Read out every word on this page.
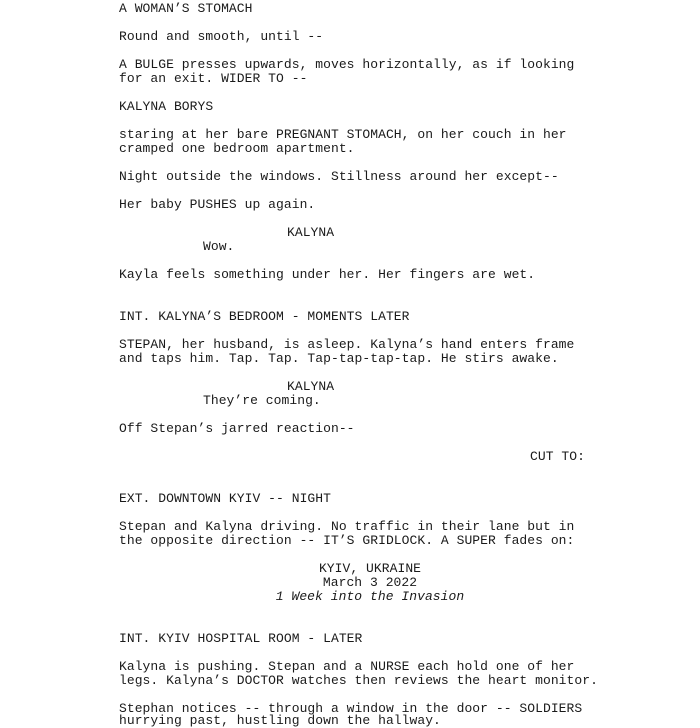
A WOMAN’S STOMACH

Round and smooth, until --

A BULGE presses upwards, moves horizontally, as if looking

for an exit. WIDER TO --

KALYNA BORYS

staring at her bare PREGNANT STOMACH, on her couch in her

cramped one bedroom apartment.

Night outside the windows. Stillness around her except--

Her baby PUSHES up again.

KALYNA

Wow.

Kayla feels something under her. Her fingers are wet.

INT. KALYNA’S BEDROOM - MOMENTS LATER

STEPAN, her husband, is asleep. Kalyna’s hand enters frame

and taps him. Tap. Tap. Tap-tap-tap-tap. He stirs awake.

KALYNA

They’re coming.

Off Stepan’s jarred reaction--

CUT TO:

EXT. DOWNTOWN KYIV -- NIGHT

Stepan and Kalyna driving. No traffic in their lane but in

the opposite direction -- IT’S GRIDLOCK. A SUPER fades on:

KYIV, UKRAINE

March 3 2022

1 Week into the Invasion

INT. KYIV HOSPITAL ROOM - LATER

Kalyna is pushing. Stepan and a NURSE each hold one of her

legs. Kalyna’s DOCTOR watches then reviews the heart monitor.

Stephan notices -- through a window in the door -- SOLDIERS

hurrying past, hustling down the hallway.
